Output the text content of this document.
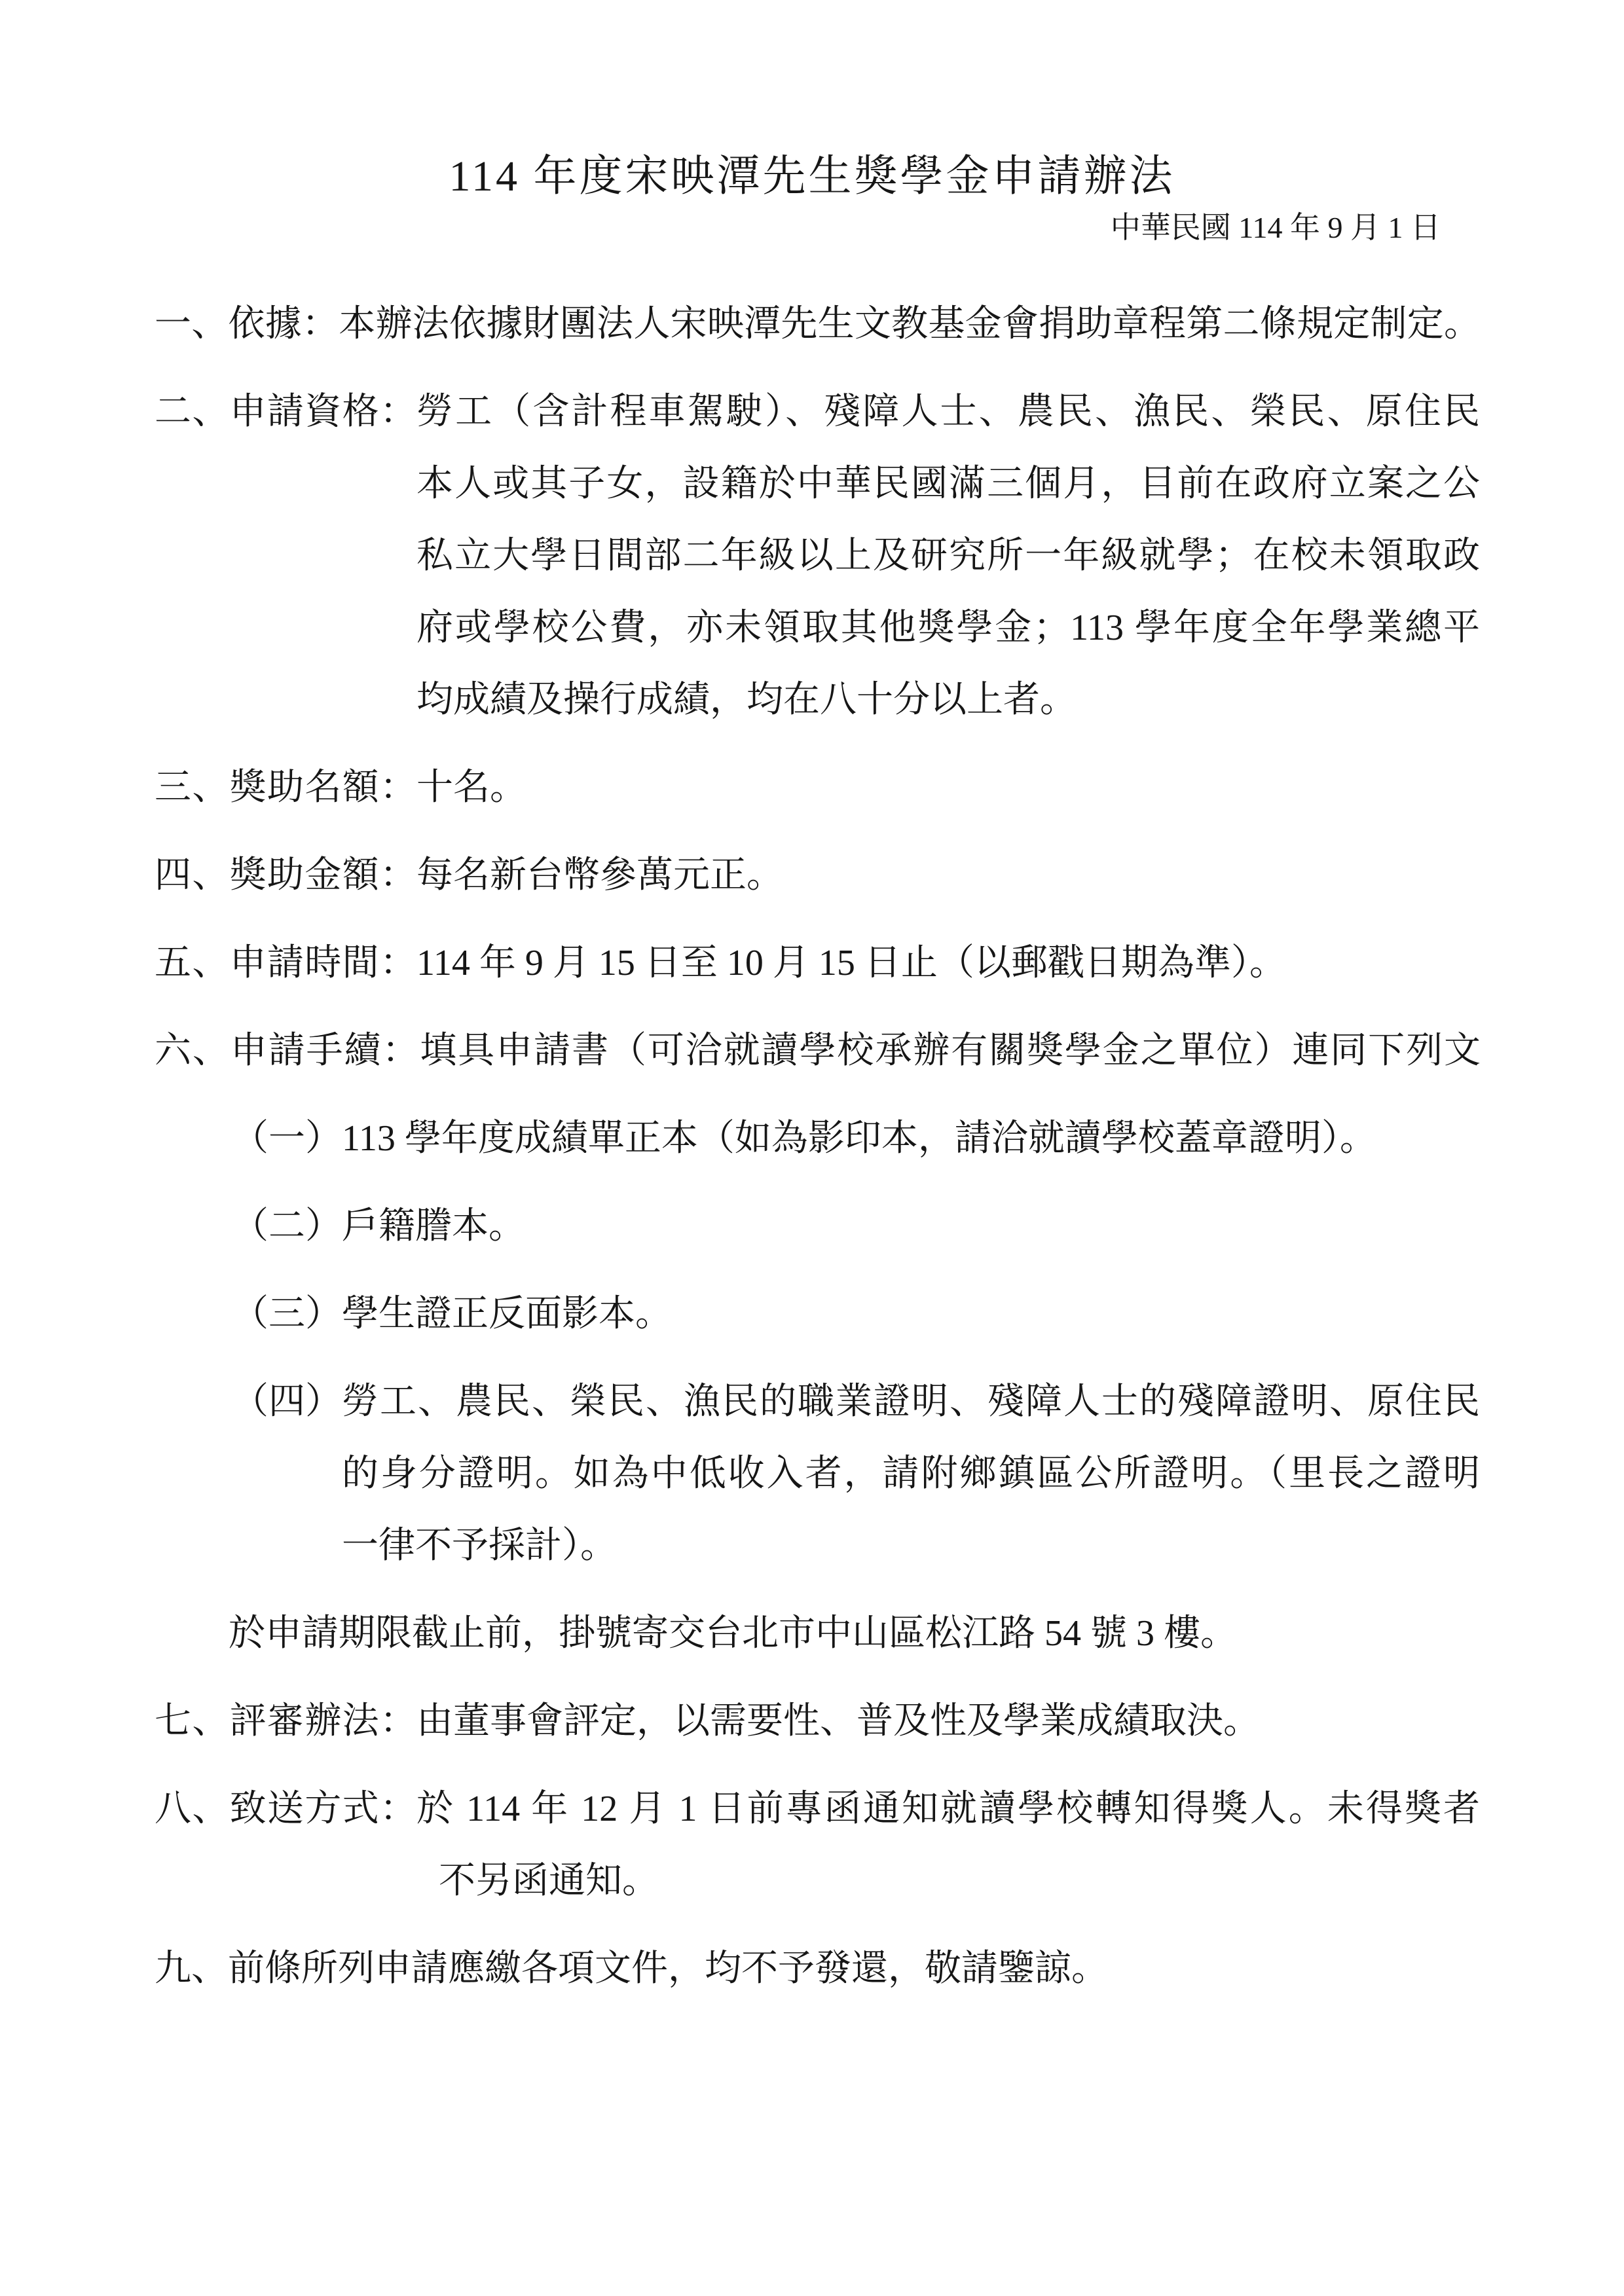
114 年度宋映潭先生獎學金申請辦法
中華民國 114 年 9 月 1 日
一、依據：本辦法依據財團法人宋映潭先生文教基金會捐助章程第二條規定制定。
二、申請資格： 勞工（含計程車駕駛）、殘障人士、農民、漁民、榮民、原住民
本人或其子女，設籍於中華民國滿三個月，目前在政府立案之公
私立大學日間部二年級以上及研究所一年級就學；在校未領取政
府或學校公費，亦未領取其他獎學金；113 學年度全年學業總平
均成績及操行成績，均在八十分以上者。
三、獎助名額： 十名。
四、獎助金額： 每名新台幣參萬元正。
五、申請時間： 114 年 9 月 15 日至 10 月 15 日止（以郵戳日期為準）。
六、申請手續：填具申請書（可洽就讀學校承辦有關獎學金之單位）連同下列文
（一） 113 學年度成績單正本（如為影印本，請洽就讀學校蓋章證明）。
（二） 戶籍謄本。
（三） 學生證正反面影本。
（四） 勞工、農民、榮民、漁民的職業證明、殘障人士的殘障證明、原住民
的身分證明。如為中低收入者，請附鄉鎮區公所證明。（里長之證明
一律不予採計）。
於申請期限截止前，掛號寄交台北市中山區松江路 54 號 3 樓。
七、評審辦法： 由董事會評定，以需要性、普及性及學業成績取決。
八、致送方式： 於 114 年 12 月 1 日前專函通知就讀學校轉知得獎人。未得獎者
不另函通知。
九、前條所列申請應繳各項文件，均不予發還，敬請鑒諒。
